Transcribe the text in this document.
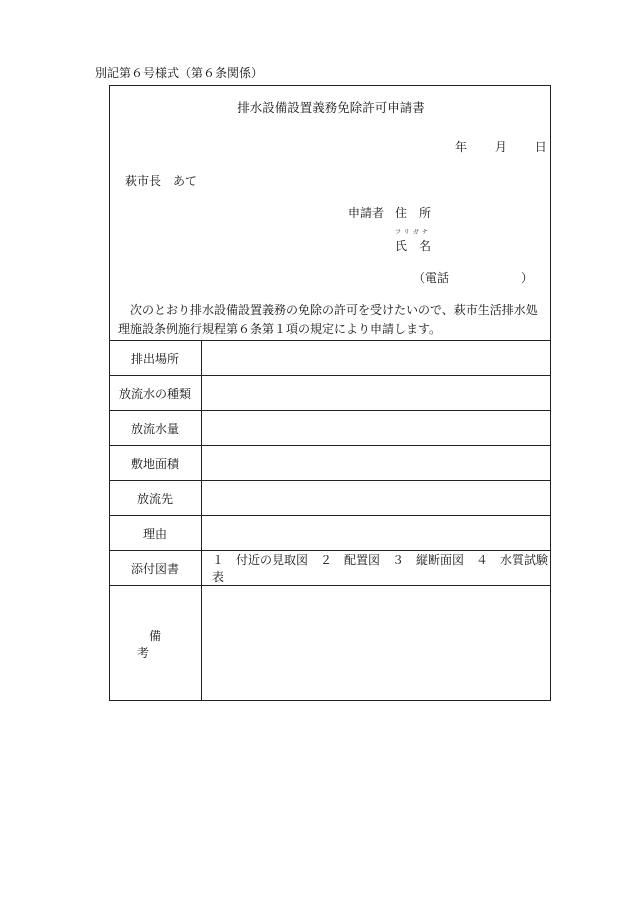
別記第６号様式（第６条関係）
排水設備設置義務免除許可申請書
年 月 日
萩市長　あて
申請者 住　所
フリガナ
氏　名
（電話	）
次のとおり排水設備設置義務の免除の許可を受けたいので、萩市生活排水処理施設条例施行規程第６条第１項の規定により申請します。
排出場所	
放流水の種類	
放流水量	
敷地面積	
放流先	
理由	
添付図書	１　付近の見取図　２　配置図　３　縦断面図　４　水質試験表
備考	
